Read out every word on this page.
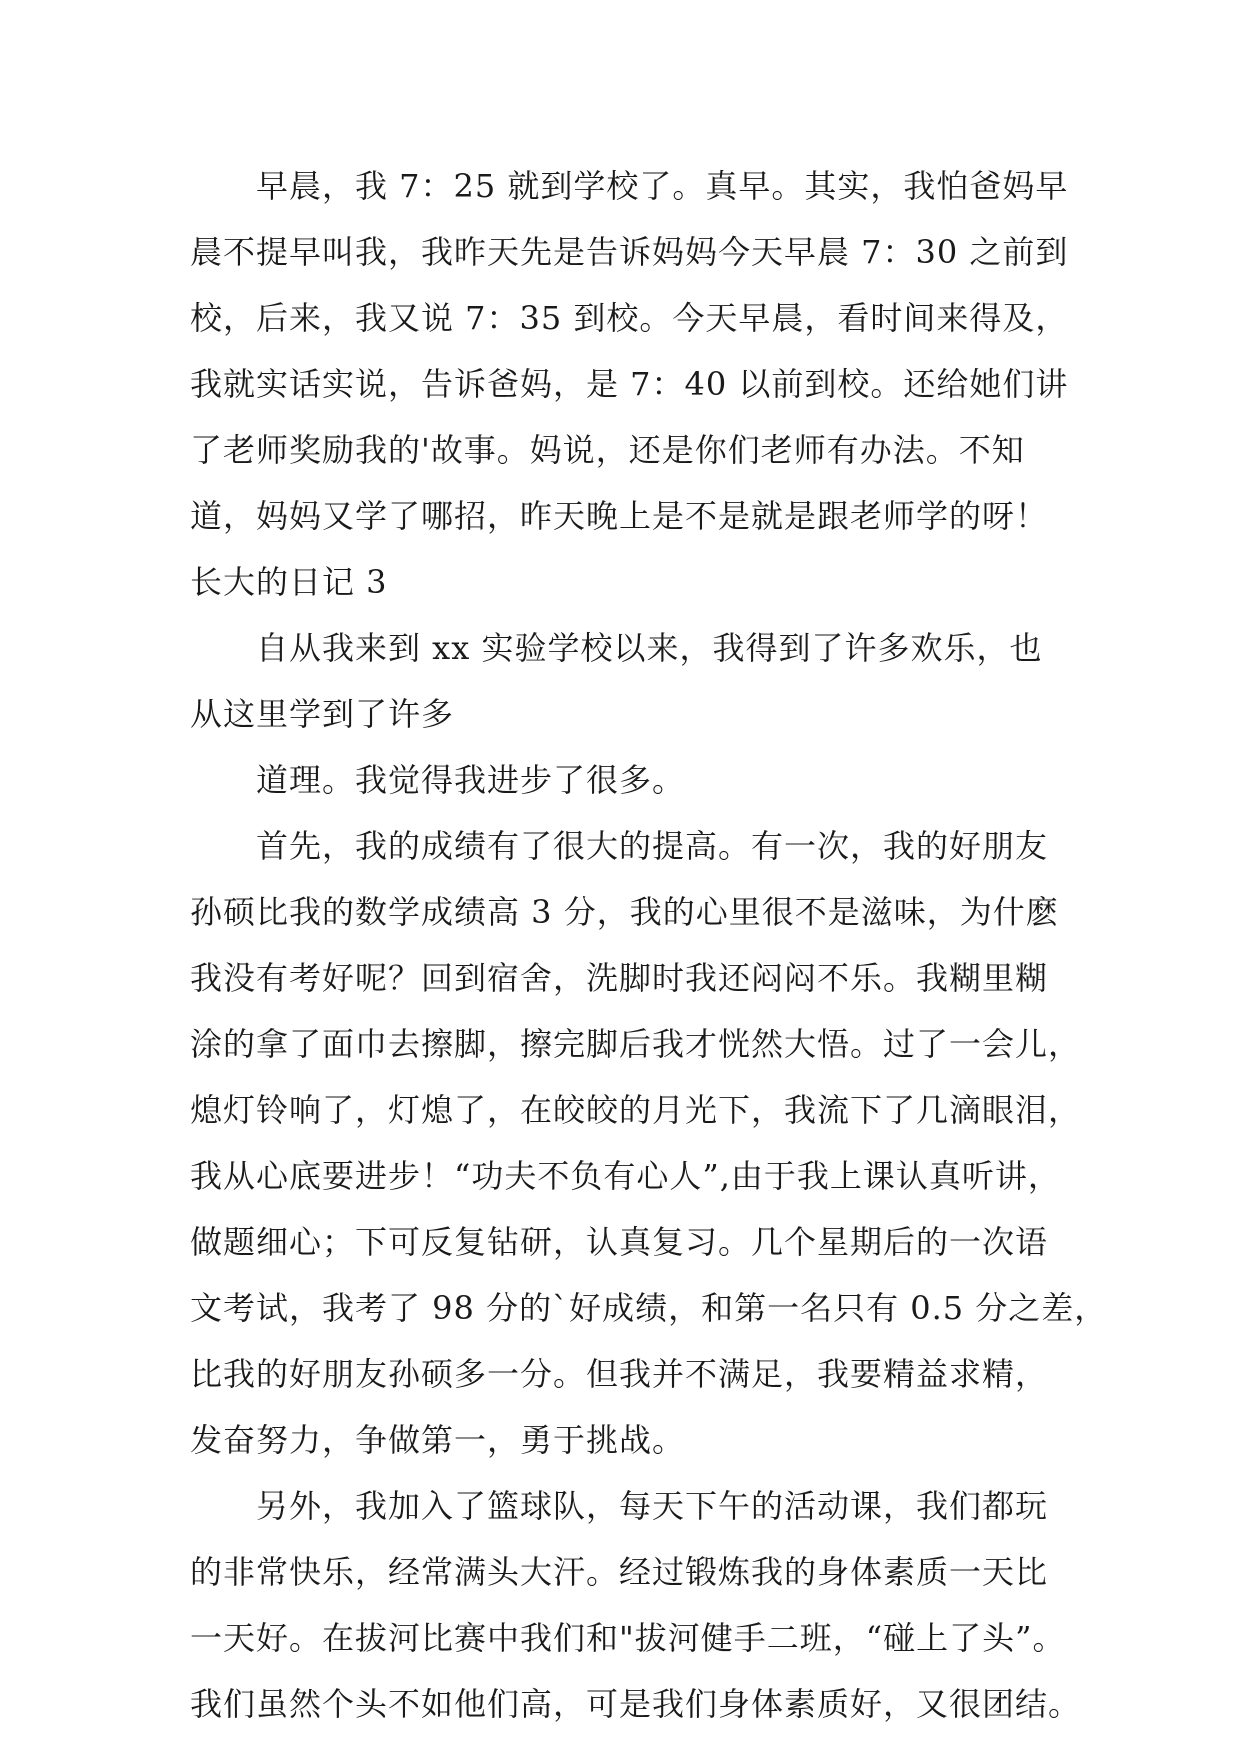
早晨，我 7：25 就到学校了。真早。其实，我怕爸妈早
晨不提早叫我，我昨天先是告诉妈妈今天早晨 7：30 之前到
校，后来，我又说 7：35 到校。今天早晨，看时间来得及，
我就实话实说，告诉爸妈，是 7：40 以前到校。还给她们讲
了老师奖励我的'故事。妈说，还是你们老师有办法。不知
道，妈妈又学了哪招，昨天晚上是不是就是跟老师学的呀！
长大的日记 3
自从我来到 xx 实验学校以来，我得到了许多欢乐，也
从这里学到了许多
道理。我觉得我进步了很多。
首先，我的成绩有了很大的提高。有一次，我的好朋友
孙硕比我的数学成绩高 3 分，我的心里很不是滋味，为什麽
我没有考好呢？回到宿舍，洗脚时我还闷闷不乐。我糊里糊
涂的拿了面巾去擦脚，擦完脚后我才恍然大悟。过了一会儿，
熄灯铃响了，灯熄了，在皎皎的月光下，我流下了几滴眼泪，
我从心底要进步！“功夫不负有心人”,由于我上课认真听讲，
做题细心；下可反复钻研，认真复习。几个星期后的一次语
文考试，我考了 98 分的`好成绩，和第一名只有 0.5 分之差，
比我的好朋友孙硕多一分。但我并不满足，我要精益求精，
发奋努力，争做第一，勇于挑战。
另外，我加入了篮球队，每天下午的活动课，我们都玩
的非常快乐，经常满头大汗。经过锻炼我的身体素质一天比
一天好。在拔河比赛中我们和"拔河健手二班，“碰上了头”。
我们虽然个头不如他们高，可是我们身体素质好，又很团结。
